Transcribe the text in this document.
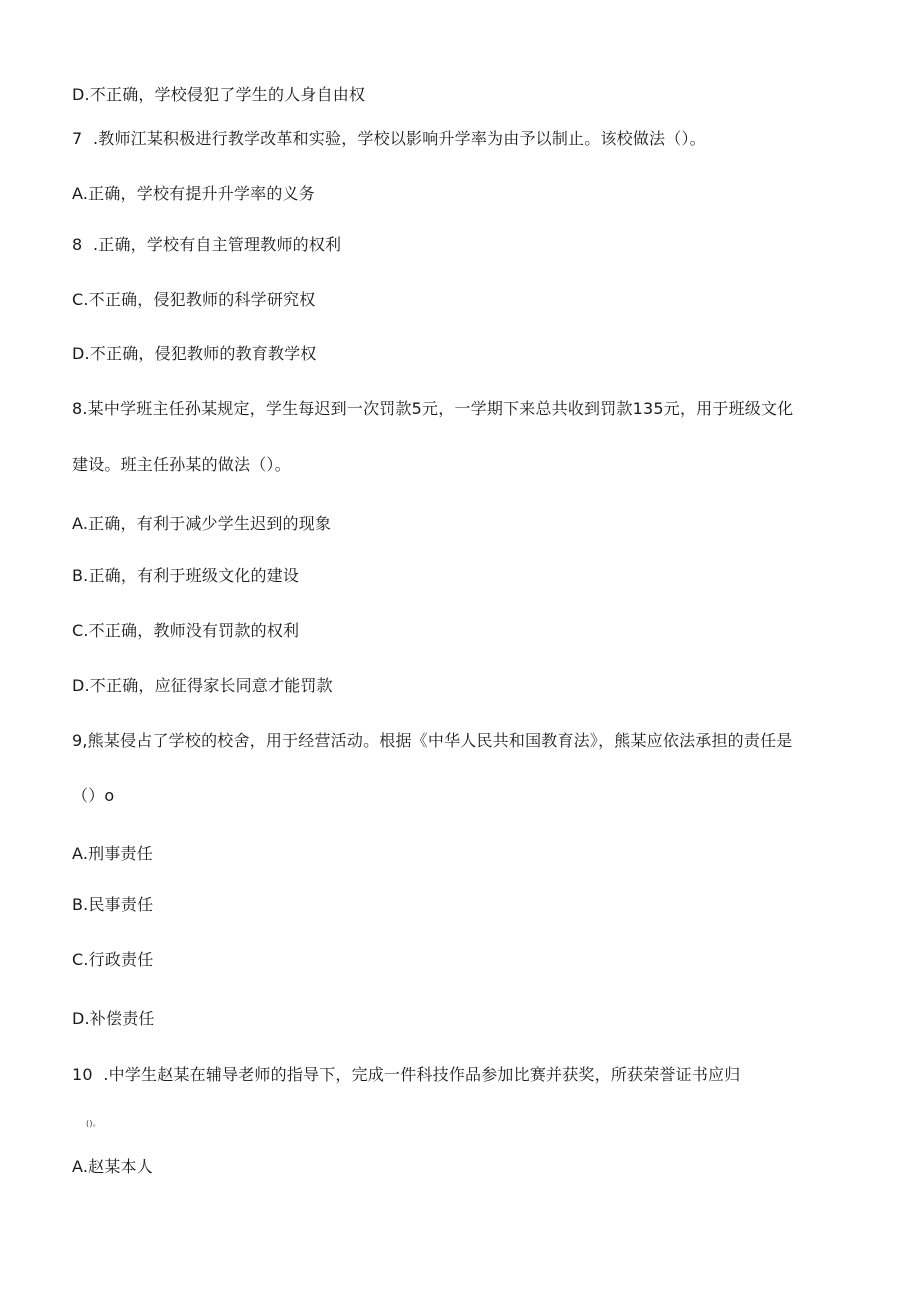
D.不正确，学校侵犯了学生的人身自由权
7  .教师江某积极进行教学改革和实验，学校以影响升学率为由予以制止。该校做法（）。
A.正确，学校有提升升学率的义务
8  .正确，学校有自主管理教师的权利
C.不正确，侵犯教师的科学研究权
D.不正确，侵犯教师的教育教学权
8.某中学班主任孙某规定，学生每迟到一次罚款5元，一学期下来总共收到罚款135元，用于班级文化
建设。班主任孙某的做法（）。
A.正确，有利于减少学生迟到的现象
B.正确，有利于班级文化的建设
C.不正确，教师没有罚款的权利
D.不正确，应征得家长同意才能罚款
9,熊某侵占了学校的校舍，用于经营活动。根据《中华人民共和国教育法》，熊某应依法承担的责任是
（）o
A.刑事责任
B.民事责任
C.行政责任
D.补偿责任
10  .中学生赵某在辅导老师的指导下，完成一件科技作品参加比赛并获奖，所获荣誉证书应归
()。
A.赵某本人
